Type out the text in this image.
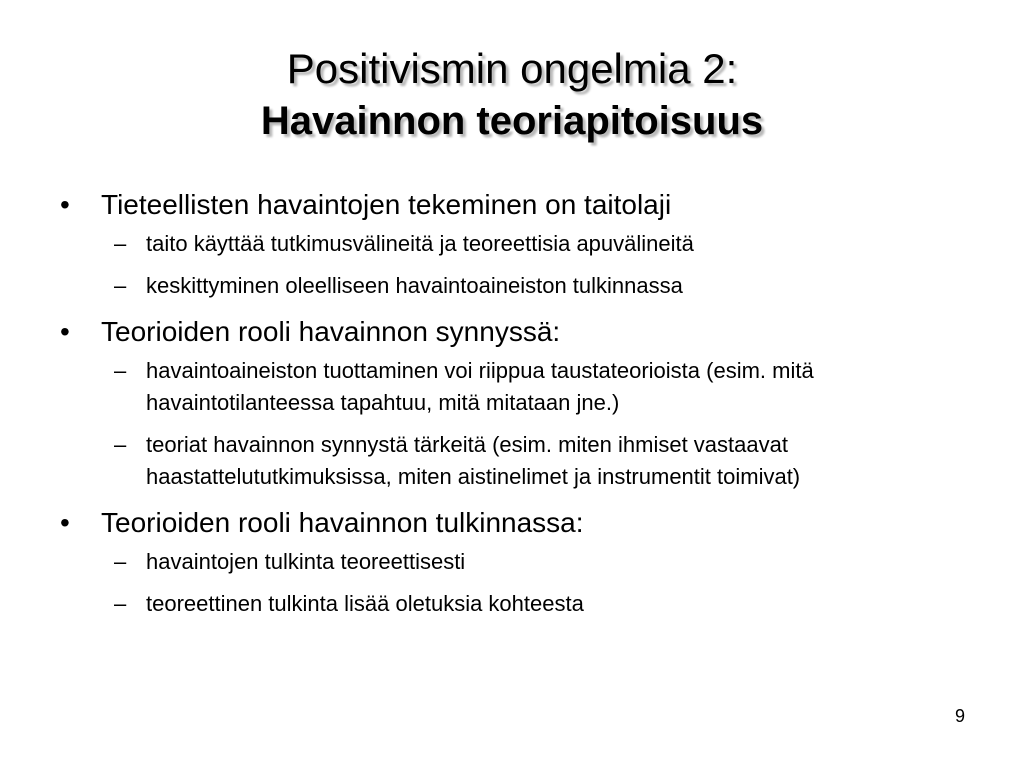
Positivismin ongelmia 2:
Havainnon teoriapitoisuus
• Tieteellisten havaintojen tekeminen on taitolaji
– taito käyttää tutkimusvälineitä ja teoreettisia apuvälineitä
– keskittyminen oleelliseen havaintoaineiston tulkinnassa
• Teorioiden rooli havainnon synnyssä:
– havaintoaineiston tuottaminen voi riippua taustateorioista (esim. mitä havaintotilanteessa tapahtuu, mitä mitataan jne.)
– teoriat havainnon synnystä tärkeitä (esim. miten ihmiset vastaavat haastattelututkimuksissa, miten aistinelimet ja instrumentit toimivat)
• Teorioiden rooli havainnon tulkinnassa:
– havaintojen tulkinta teoreettisesti
– teoreettinen tulkinta lisää oletuksia kohteesta
9
